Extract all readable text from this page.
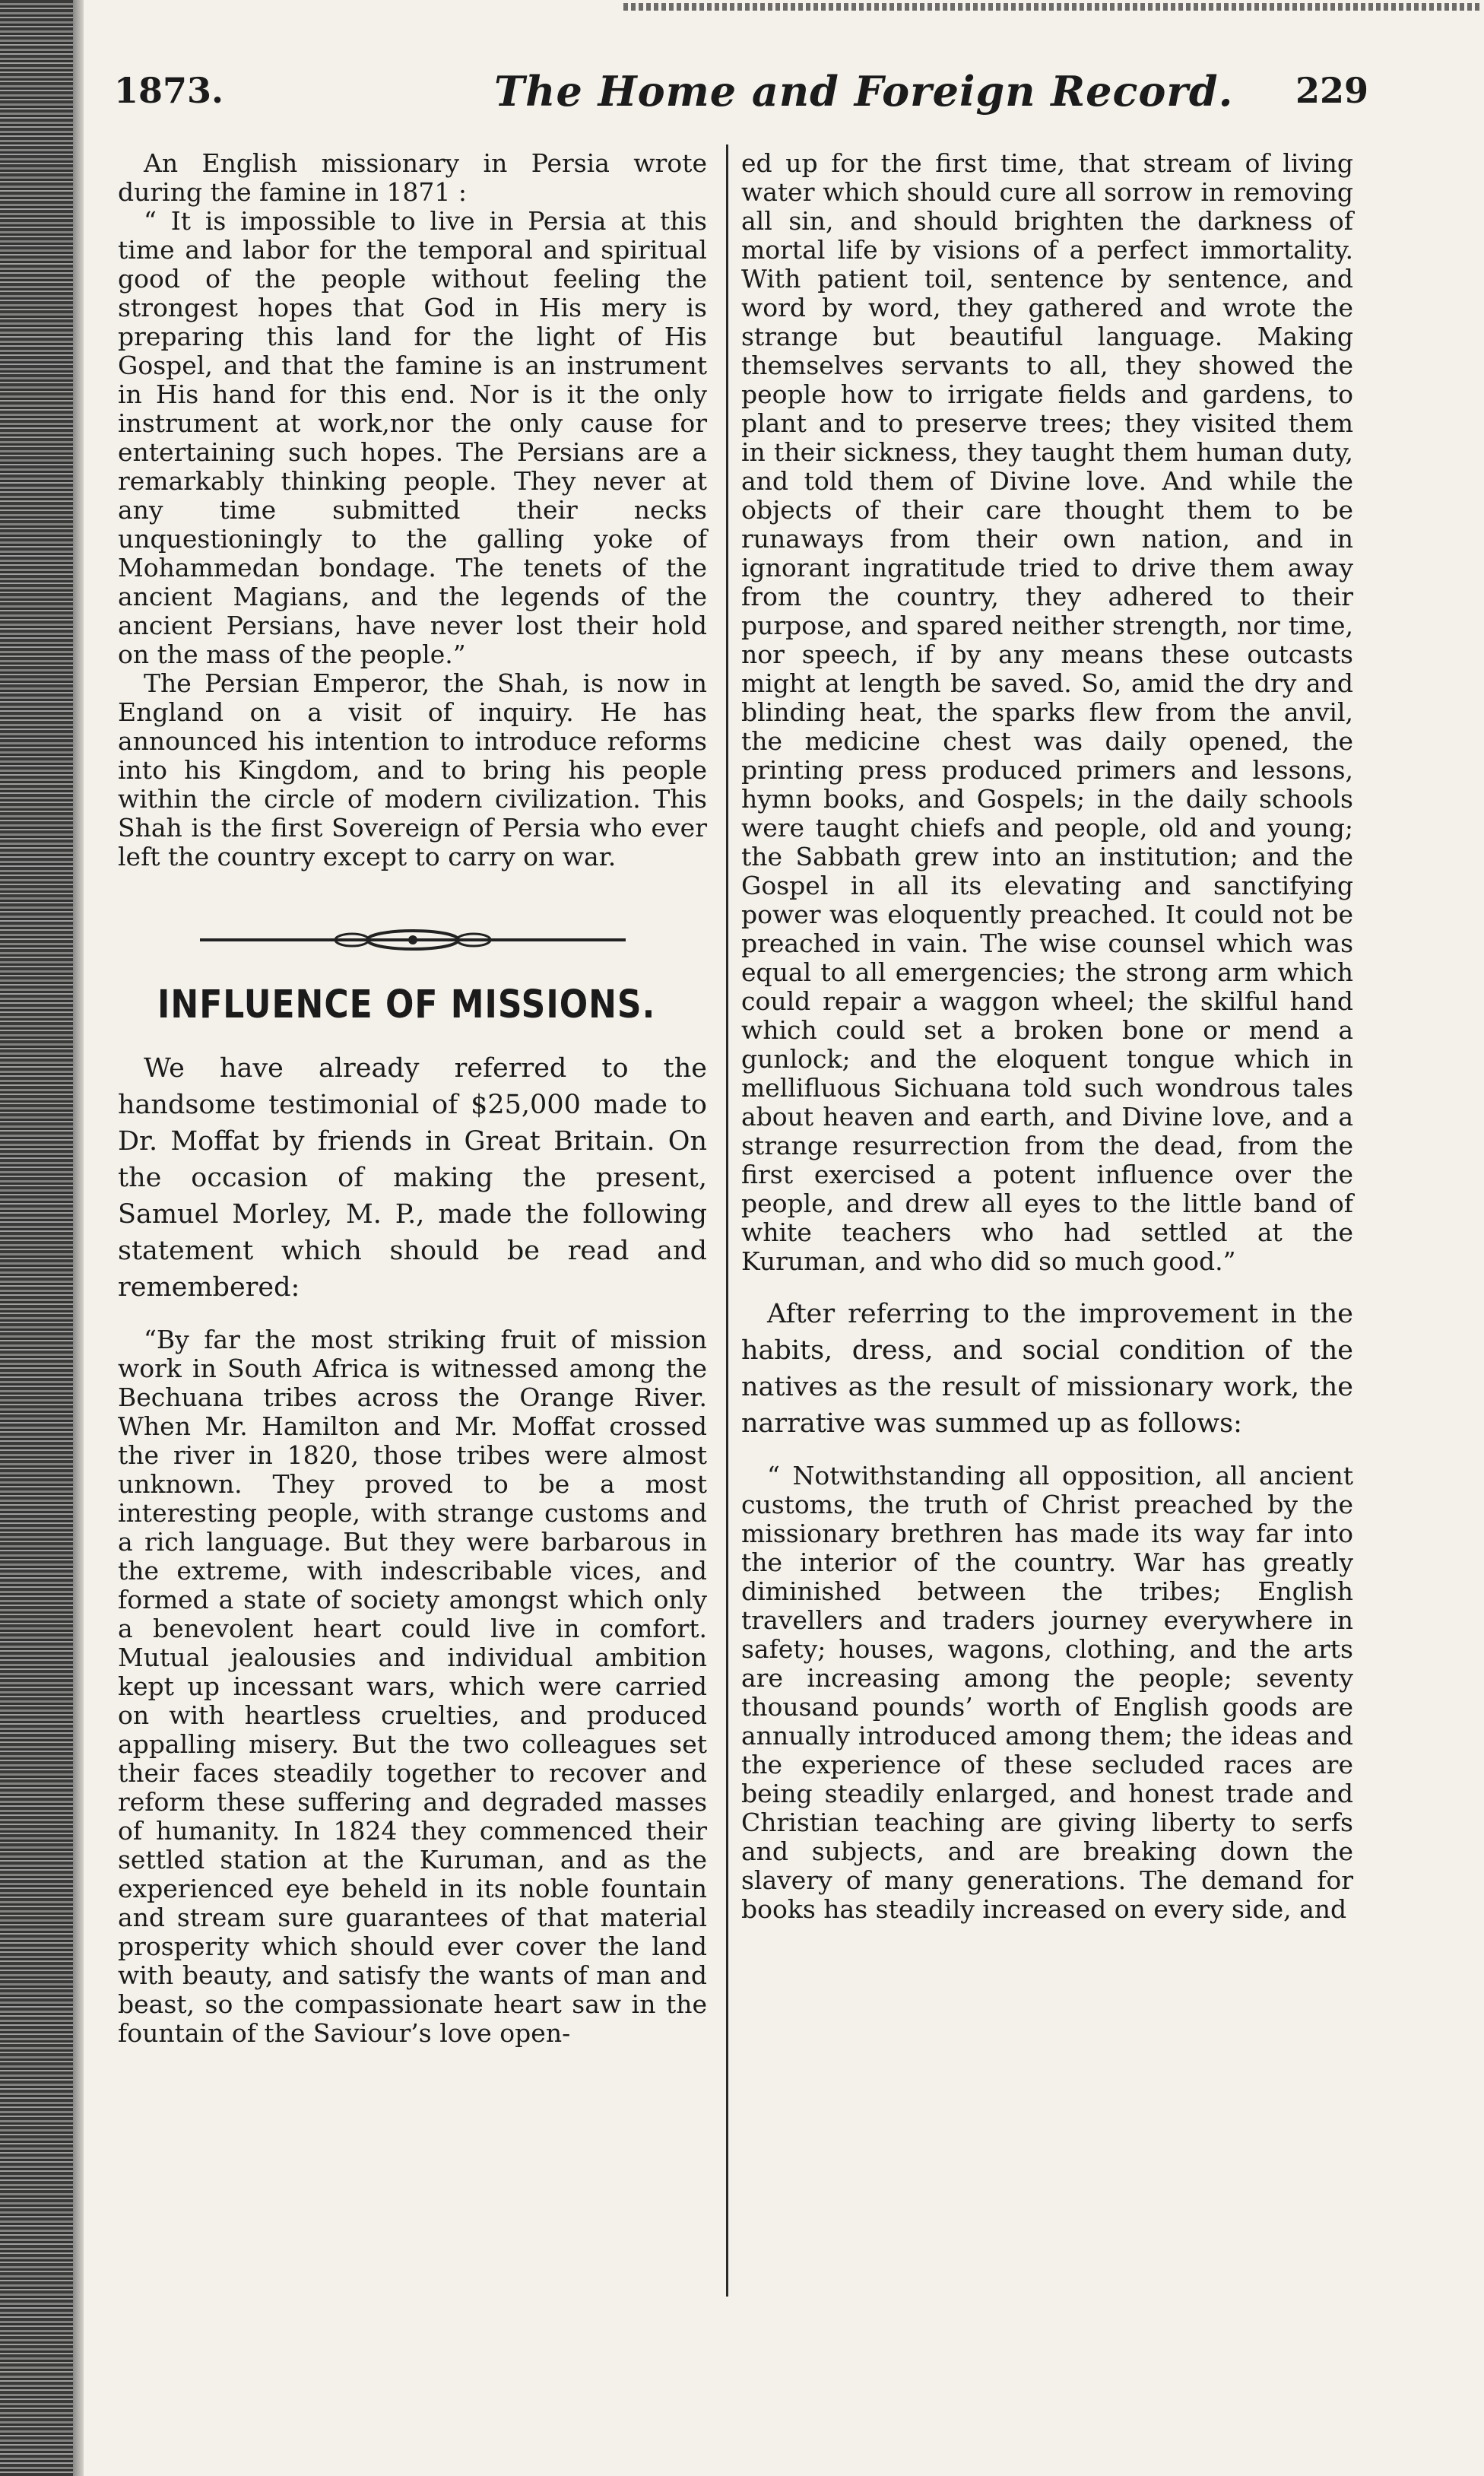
1873.	The Home and Foreign Record. 229

An English missionary in Persia wrote during the famine in 1871 :

“ It is impossible to live in Persia at this time and labor for the temporal and spiritual good of the people without feeling the strongest hopes that God in His mery is preparing this land for the light of His Gospel, and that the famine is an instrument in His hand for this end. Nor is it the only instrument at work,nor the only cause for entertaining such hopes. The Persians are a remarkably thinking people. They never at any time submitted their necks unquestioningly to the galling yoke of Mohammedan bondage. The tenets of the ancient Magians, and the legends of the ancient Persians, have never lost their hold on the mass of the people.”

The Persian Emperor, the Shah, is now in England on a visit of inquiry. He has announced his intention to introduce reforms into his Kingdom, and to bring his people within the circle of modern civilization. This Shah is the first Sovereign of Persia who ever left the country except to carry on war.

INFLUENCE OF MISSIONS.

We have already referred to the handsome testimonial of $25,000 made to Dr. Moffat by friends in Great Britain. On the occasion of making the present, Samuel Morley, M. P., made the following statement which should be read and remembered:

“By far the most striking fruit of mission work in South Africa is witnessed among the Bechuana tribes across the Orange River. When Mr. Hamilton and Mr. Moffat crossed the river in 1820, those tribes were almost unknown. They proved to be a most interesting people, with strange customs and a rich language. But they were barbarous in the extreme, with indescribable vices, and formed a state of society amongst which only a benevolent heart could live in comfort. Mutual jealousies and individual ambition kept up incessant wars, which were carried on with heartless cruelties, and produced appalling misery. But the two colleagues set their faces steadily together to recover and reform these suffering and degraded masses of humanity. In 1824 they commenced their settled station at the Kuruman, and as the experienced eye beheld in its noble fountain and stream sure guarantees of that material prosperity which should ever cover the land with beauty, and satisfy the wants of man and beast, so the compassionate heart saw in the fountain of the Saviour’s love open-

ed up for the first time, that stream of living water which should cure all sorrow in removing all sin, and should brighten the darkness of mortal life by visions of a perfect immortality. With patient toil, sentence by sentence, and word by word, they gathered and wrote the strange but beautiful language. Making themselves servants to all, they showed the people how to irrigate fields and gardens, to plant and to preserve trees; they visited them in their sickness, they taught them human duty, and told them of Divine love. And while the objects of their care thought them to be runaways from their own nation, and in ignorant ingratitude tried to drive them away from the country, they adhered to their purpose, and spared neither strength, nor time, nor speech, if by any means these outcasts might at length be saved. So, amid the dry and blinding heat, the sparks flew from the anvil, the medicine chest was daily opened, the printing press produced primers and lessons, hymn books, and Gospels; in the daily schools were taught chiefs and people, old and young; the Sabbath grew into an institution; and the Gospel in all its elevating and sanctifying power was eloquently preached. It could not be preached in vain. The wise counsel which was equal to all emergencies; the strong arm which could repair a waggon wheel; the skilful hand which could set a broken bone or mend a gunlock; and the eloquent tongue which in mellifluous Sichuana told such wondrous tales about heaven and earth, and Divine love, and a strange resurrection from the dead, from the first exercised a potent influence over the people, and drew all eyes to the little band of white teachers who had settled at the Kuruman, and who did so much good.”

After referring to the improvement in the habits, dress, and social condition of the natives as the result of missionary work, the narrative was summed up as follows:

“ Notwithstanding all opposition, all ancient customs, the truth of Christ preached by the missionary brethren has made its way far into the interior of the country. War has greatly diminished between the tribes; English travellers and traders journey everywhere in safety; houses, wagons, clothing, and the arts are increasing among the people; seventy thousand pounds’ worth of English goods are annually introduced among them; the ideas and the experience of these secluded races are being steadily enlarged, and honest trade and Christian teaching are giving liberty to serfs and subjects, and are breaking down the slavery of many generations. The demand for books has steadily increased on every side, and
